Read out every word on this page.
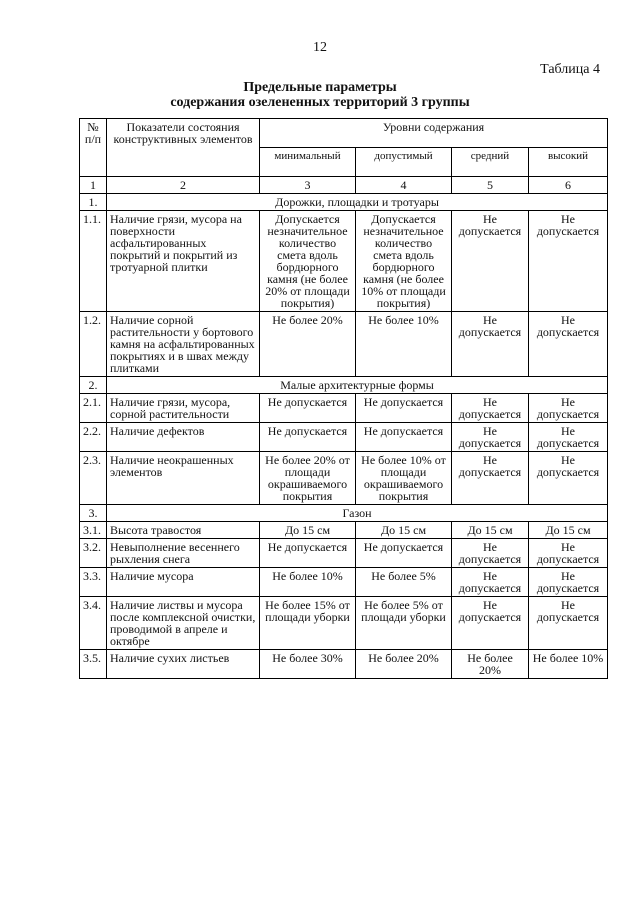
12
Таблица 4
Предельные параметры
содержания озелененных территорий 3 группы
№ п/п	Показатели состояния конструктивных элементов	Уровни содержания			
		минимальный	допустимый	средний	высокий
1	2	3	4	5	6
1.	Дорожки, площадки и тротуары				
1.1.	Наличие грязи, мусора на поверхности асфальтированных покрытий и покрытий из тротуарной плитки	Допускается незначительное количество смета вдоль бордюрного камня (не более 20% от площади покрытия)	Допускается незначительное количество смета вдоль бордюрного камня (не более 10% от площади покрытия)	Не допускается	Не допускается
1.2.	Наличие сорной растительности у бортового камня на асфальтированных покрытиях и в швах между плитками	Не более 20%	Не более 10%	Не допускается	Не допускается
2.	Малые архитектурные формы				
2.1.	Наличие грязи, мусора, сорной растительности	Не допускается	Не допускается	Не допускается	Не допускается
2.2.	Наличие дефектов	Не допускается	Не допускается	Не допускается	Не допускается
2.3.	Наличие неокрашенных элементов	Не более 20% от площади окрашиваемого покрытия	Не более 10% от площади окрашиваемого покрытия	Не допускается	Не допускается
3.	Газон				
3.1.	Высота травостоя	До 15 см	До 15 см	До 15 см	До 15 см
3.2.	Невыполнение весеннего рыхления снега	Не допускается	Не допускается	Не допускается	Не допускается
3.3.	Наличие мусора	Не более 10%	Не более 5%	Не допускается	Не допускается
3.4.	Наличие листвы и мусора после комплексной очистки, проводимой в апреле и октябре	Не более 15% от площади уборки	Не более 5% от площади уборки	Не допускается	Не допускается
3.5.	Наличие сухих листьев	Не более 30%	Не более 20%	Не более 20%	Не более 10%
